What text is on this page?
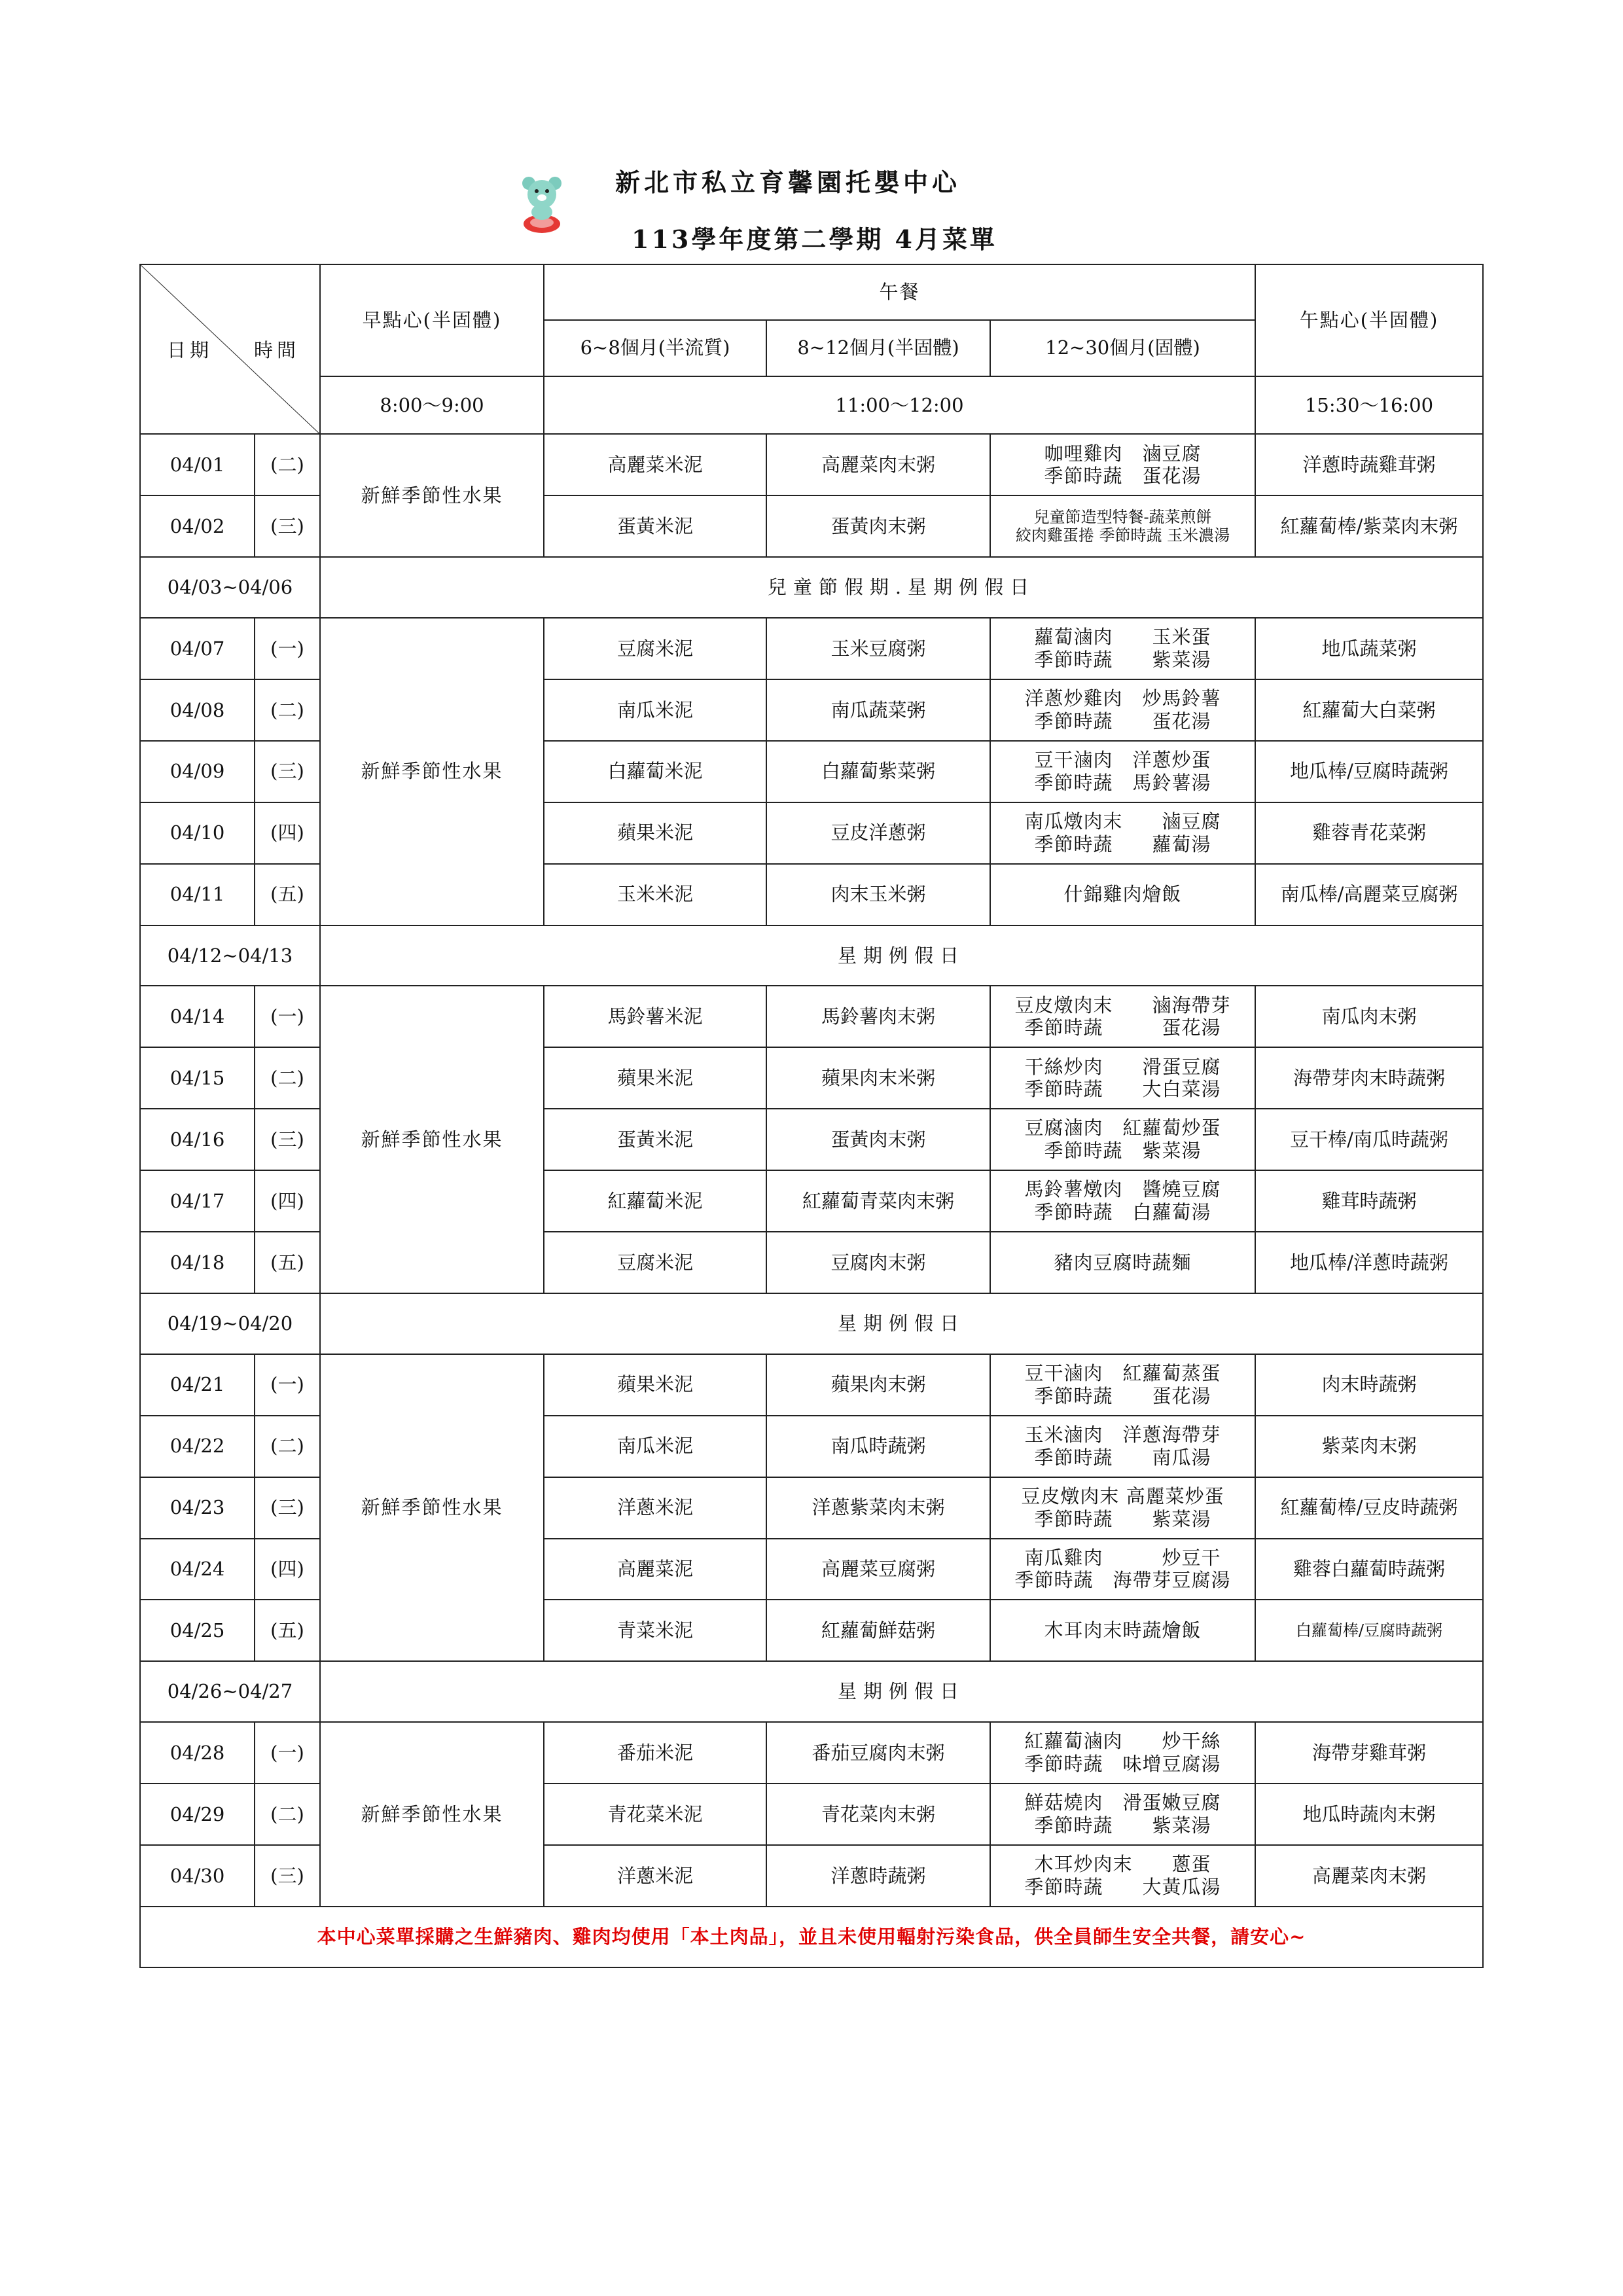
新北市私立育馨園托嬰中心
113學年度第二學期 4月菜單
日期 時間		早點心(半固體)	午餐			午點心(半固體)
			6~8個月(半流質)	8~12個月(半固體)	12~30個月(固體)	
		8:00～9:00	11:00～12:00			15:30～16:00
04/01	(二)	新鮮季節性水果	高麗菜米泥	高麗菜肉末粥	咖哩雞肉　滷豆腐
季節時蔬　蛋花湯	洋蔥時蔬雞茸粥
04/02	(三)		蛋黃米泥	蛋黃肉末粥	兒童節造型特餐-蔬菜煎餅
絞肉雞蛋捲 季節時蔬 玉米濃湯	紅蘿蔔棒/紫菜肉末粥
04/03~04/06		兒童節假期.星期例假日				
04/07	(一)	新鮮季節性水果	豆腐米泥	玉米豆腐粥	蘿蔔滷肉　　玉米蛋
季節時蔬　　紫菜湯	地瓜蔬菜粥
04/08	(二)		南瓜米泥	南瓜蔬菜粥	洋蔥炒雞肉　炒馬鈴薯
季節時蔬　　蛋花湯	紅蘿蔔大白菜粥
04/09	(三)		白蘿蔔米泥	白蘿蔔紫菜粥	豆干滷肉　洋蔥炒蛋
季節時蔬　馬鈴薯湯	地瓜棒/豆腐時蔬粥
04/10	(四)		蘋果米泥	豆皮洋蔥粥	南瓜燉肉末　　滷豆腐
季節時蔬　　蘿蔔湯	雞蓉青花菜粥
04/11	(五)		玉米米泥	肉末玉米粥	什錦雞肉燴飯	南瓜棒/高麗菜豆腐粥
04/12~04/13		星期例假日				
04/14	(一)	新鮮季節性水果	馬鈴薯米泥	馬鈴薯肉末粥	豆皮燉肉末　　滷海帶芽
季節時蔬　　　蛋花湯	南瓜肉末粥
04/15	(二)		蘋果米泥	蘋果肉末米粥	干絲炒肉　　滑蛋豆腐
季節時蔬　　大白菜湯	海帶芽肉末時蔬粥
04/16	(三)		蛋黃米泥	蛋黃肉末粥	豆腐滷肉　紅蘿蔔炒蛋
季節時蔬　紫菜湯	豆干棒/南瓜時蔬粥
04/17	(四)		紅蘿蔔米泥	紅蘿蔔青菜肉末粥	馬鈴薯燉肉　醬燒豆腐
季節時蔬　白蘿蔔湯	雞茸時蔬粥
04/18	(五)		豆腐米泥	豆腐肉末粥	豬肉豆腐時蔬麵	地瓜棒/洋蔥時蔬粥
04/19~04/20		星期例假日				
04/21	(一)	新鮮季節性水果	蘋果米泥	蘋果肉末粥	豆干滷肉　紅蘿蔔蒸蛋
季節時蔬　　蛋花湯	肉末時蔬粥
04/22	(二)		南瓜米泥	南瓜時蔬粥	玉米滷肉　洋蔥海帶芽
季節時蔬　　南瓜湯	紫菜肉末粥
04/23	(三)		洋蔥米泥	洋蔥紫菜肉末粥	豆皮燉肉末 高麗菜炒蛋
季節時蔬　　紫菜湯	紅蘿蔔棒/豆皮時蔬粥
04/24	(四)		高麗菜泥	高麗菜豆腐粥	南瓜雞肉　　　炒豆干
季節時蔬　海帶芽豆腐湯	雞蓉白蘿蔔時蔬粥
04/25	(五)		青菜米泥	紅蘿蔔鮮菇粥	木耳肉末時蔬燴飯	白蘿蔔棒/豆腐時蔬粥
04/26~04/27		星期例假日				
04/28	(一)	新鮮季節性水果	番茄米泥	番茄豆腐肉末粥	紅蘿蔔滷肉　　炒干絲
季節時蔬　味增豆腐湯	海帶芽雞茸粥
04/29	(二)		青花菜米泥	青花菜肉末粥	鮮菇燒肉　滑蛋嫩豆腐
季節時蔬　　紫菜湯	地瓜時蔬肉末粥
04/30	(三)		洋蔥米泥	洋蔥時蔬粥	木耳炒肉末　　蔥蛋
季節時蔬　　大黃瓜湯	高麗菜肉末粥
本中心菜單採購之生鮮豬肉、雞肉均使用「本土肉品」，並且未使用輻射污染食品，供全員師生安全共餐，請安心~						
